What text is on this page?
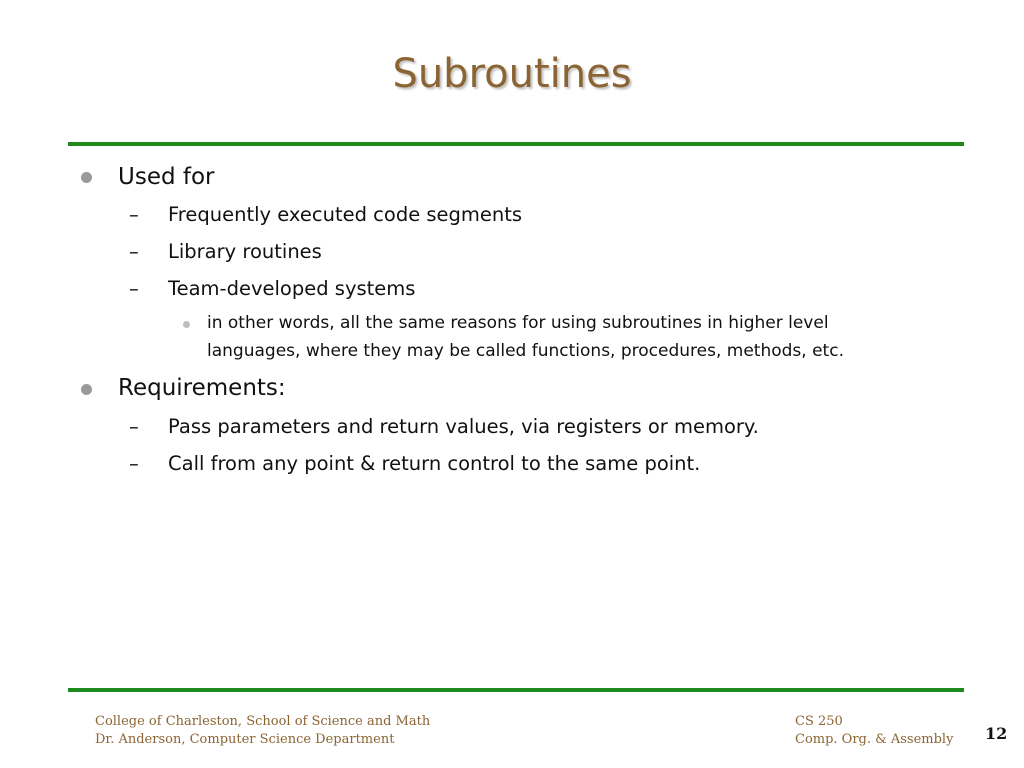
Subroutines
Used for
– Frequently executed code segments
– Library routines
– Team-developed systems
in other words, all the same reasons for using subroutines in higher level languages, where they may be called functions, procedures, methods, etc.
Requirements:
– Pass parameters and return values, via registers or memory.
– Call from any point & return control to the same point.
College of Charleston, School of Science and Math
Dr. Anderson, Computer Science Department
CS 250
Comp. Org. & Assembly 12
